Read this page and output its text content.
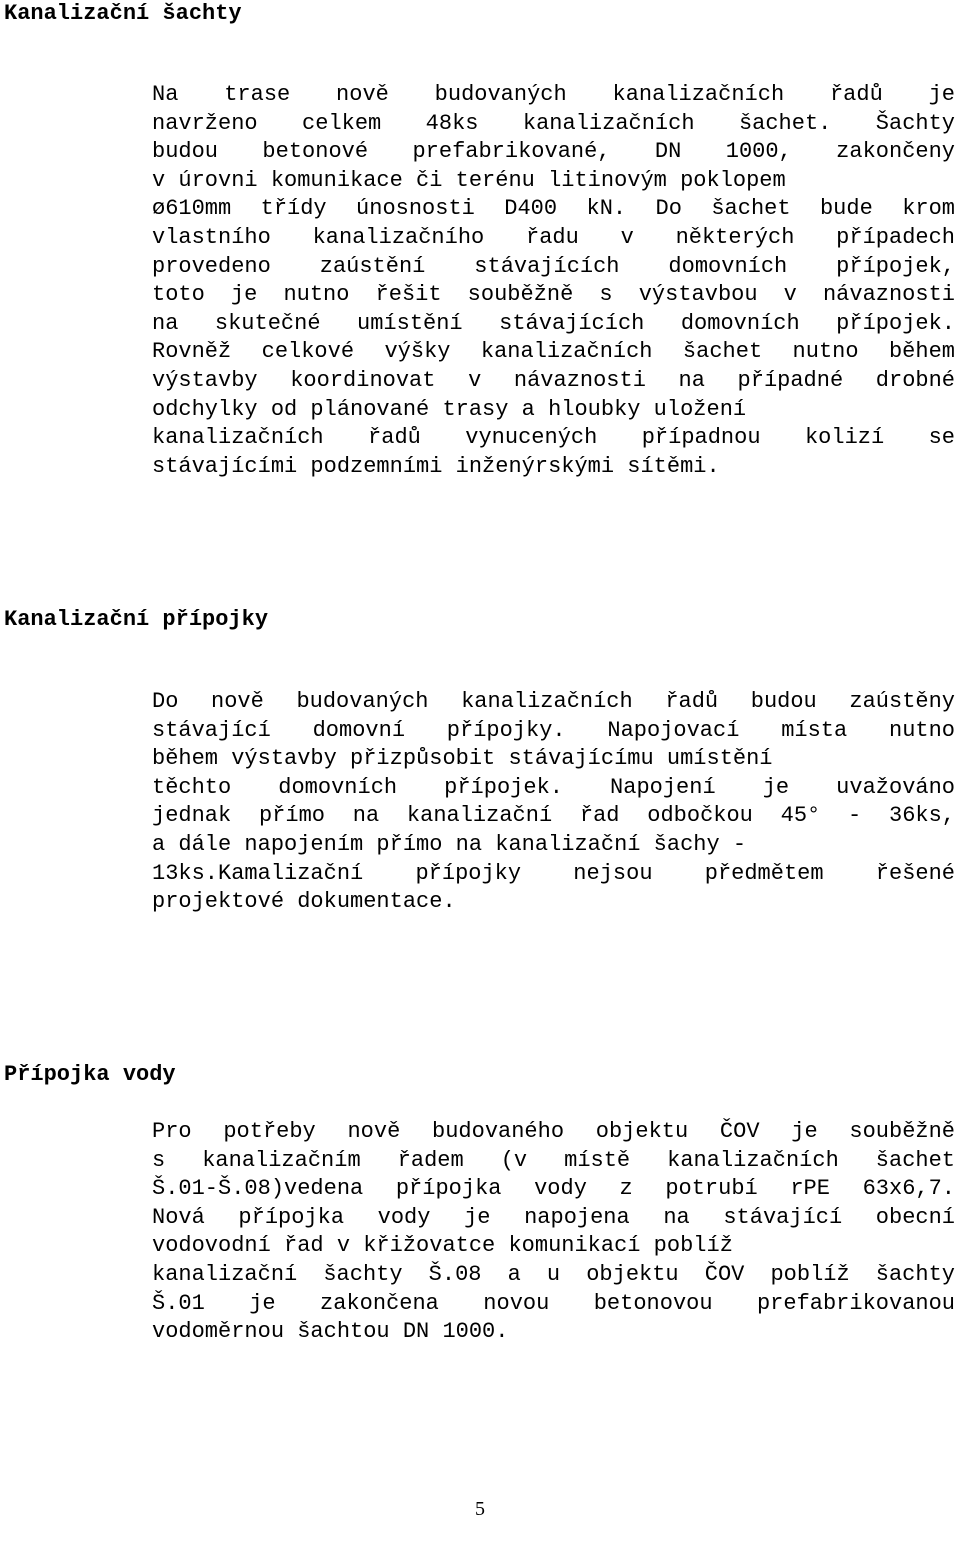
Kanalizační šachty
Na trase nově budovaných kanalizačních řadů je
navrženo celkem 48ks kanalizačních šachet. Šachty
budou betonové prefabrikované, DN 1000, zakončeny
v úrovni komunikace či terénu litinovým poklopem
ø610mm třídy únosnosti D400 kN. Do šachet bude krom
vlastního kanalizačního řadu v některých případech
provedeno zaústění stávajících domovních přípojek,
toto je nutno řešit souběžně s výstavbou v návaznosti
na skutečné umístění stávajících domovních přípojek.
Rovněž celkové výšky kanalizačních šachet nutno během
výstavby koordinovat v návaznosti na případné drobné
odchylky od plánované trasy a hloubky uložení
kanalizačních řadů vynucených případnou kolizí se
stávajícími podzemními inženýrskými sítěmi.
Kanalizační přípojky
Do nově budovaných kanalizačních řadů budou zaústěny
stávající domovní přípojky. Napojovací místa nutno
během výstavby přizpůsobit stávajícímu umístění
těchto domovních přípojek. Napojení je uvažováno
jednak přímo na kanalizační řad odbočkou 45° - 36ks,
a dále napojením přímo na kanalizační šachy -
13ks.Kamalizační přípojky nejsou předmětem řešené
projektové dokumentace.
Přípojka vody
Pro potřeby nově budovaného objektu ČOV je souběžně
s kanalizačním řadem (v místě kanalizačních šachet
Š.01-Š.08)vedena přípojka vody z potrubí rPE 63x6,7.
Nová přípojka vody je napojena na stávající obecní
vodovodní řad v křižovatce komunikací poblíž
kanalizační šachty Š.08 a u objektu ČOV poblíž šachty
Š.01 je zakončena novou betonovou prefabrikovanou
vodoměrnou šachtou DN 1000.
5
